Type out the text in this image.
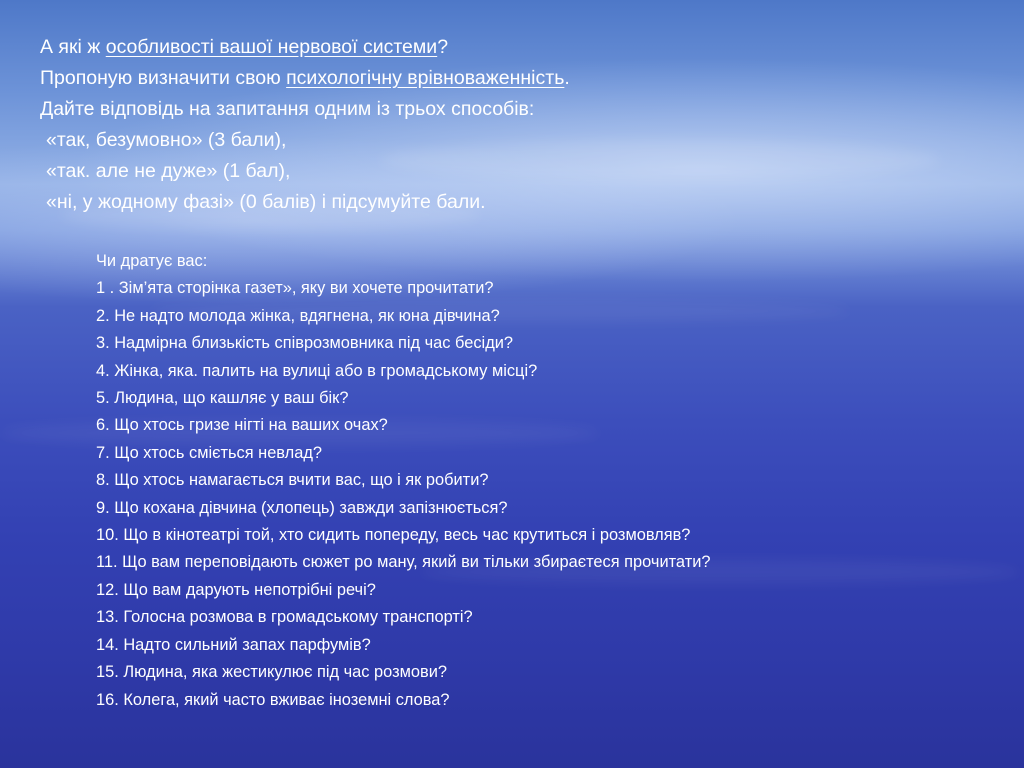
А які ж особливості вашої нервової системи?
Пропоную визначити свою психологічну врівноваженність.
Дайте відповідь на запитання одним із трьох способів:
«так, безумовно» (3 бали),
«так. але не дуже» (1 бал),
«ні, у жодному фазі» (0 балів) і підсумуйте бали.
Чи дратує вас:
1 . Зім’ята сторінка газет», яку ви хочете прочитати?
2. Не надто молода жінка, вдягнена, як юна дівчина?
3. Надмірна близькість співрозмовника під час бесіди?
4. Жінка, яка. палить на вулиці або в громадському місці?
5. Людина, що кашляє у ваш бік?
6. Що хтось гризе нігті на ваших очах?
7. Що хтось сміється невлад?
8. Що хтось намагається вчити вас, що і як робити?
9. Що кохана дівчина (хлопець) завжди запізнюється?
10. Що в кінотеатрі той, хто сидить попереду, весь час крутиться і розмовляв?
11. Що вам переповідають сюжет ро ману, який ви тільки збираєтеся прочитати?
12. Що вам дарують непотрібні речі?
13. Голосна розмова в громадському транспорті?
14. Надто сильний запах парфумів?
15. Людина, яка жестикулює під час розмови?
16. Колега, який часто вживає іноземні слова?
